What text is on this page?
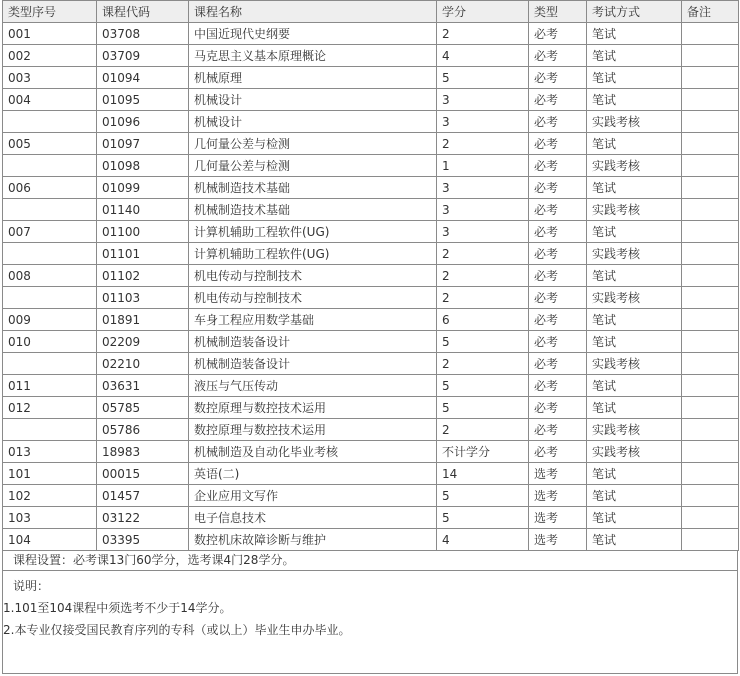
类型序号	课程代码	课程名称	学分	类型	考试方式	备注
001	03708	中国近现代史纲要	2	必考	笔试	
002	03709	马克思主义基本原理概论	4	必考	笔试	
003	01094	机械原理	5	必考	笔试	
004	01095	机械设计	3	必考	笔试	
	01096	机械设计	3	必考	实践考核	
005	01097	几何量公差与检测	2	必考	笔试	
	01098	几何量公差与检测	1	必考	实践考核	
006	01099	机械制造技术基础	3	必考	笔试	
	01140	机械制造技术基础	3	必考	实践考核	
007	01100	计算机辅助工程软件(UG)	3	必考	笔试	
	01101	计算机辅助工程软件(UG)	2	必考	实践考核	
008	01102	机电传动与控制技术	2	必考	笔试	
	01103	机电传动与控制技术	2	必考	实践考核	
009	01891	车身工程应用数学基础	6	必考	笔试	
010	02209	机械制造装备设计	5	必考	笔试	
	02210	机械制造装备设计	2	必考	实践考核	
011	03631	液压与气压传动	5	必考	笔试	
012	05785	数控原理与数控技术运用	5	必考	笔试	
	05786	数控原理与数控技术运用	2	必考	实践考核	
013	18983	机械制造及自动化毕业考核	不计学分	必考	实践考核	
101	00015	英语(二)	14	选考	笔试	
102	01457	企业应用文写作	5	选考	笔试	
103	03122	电子信息技术	5	选考	笔试	
104	03395	数控机床故障诊断与维护	4	选考	笔试	
课程设置：必考课13门60学分，选考课4门28学分。
说明：
1.101至104课程中须选考不少于14学分。
2.本专业仅接受国民教育序列的专科（或以上）毕业生申办毕业。
